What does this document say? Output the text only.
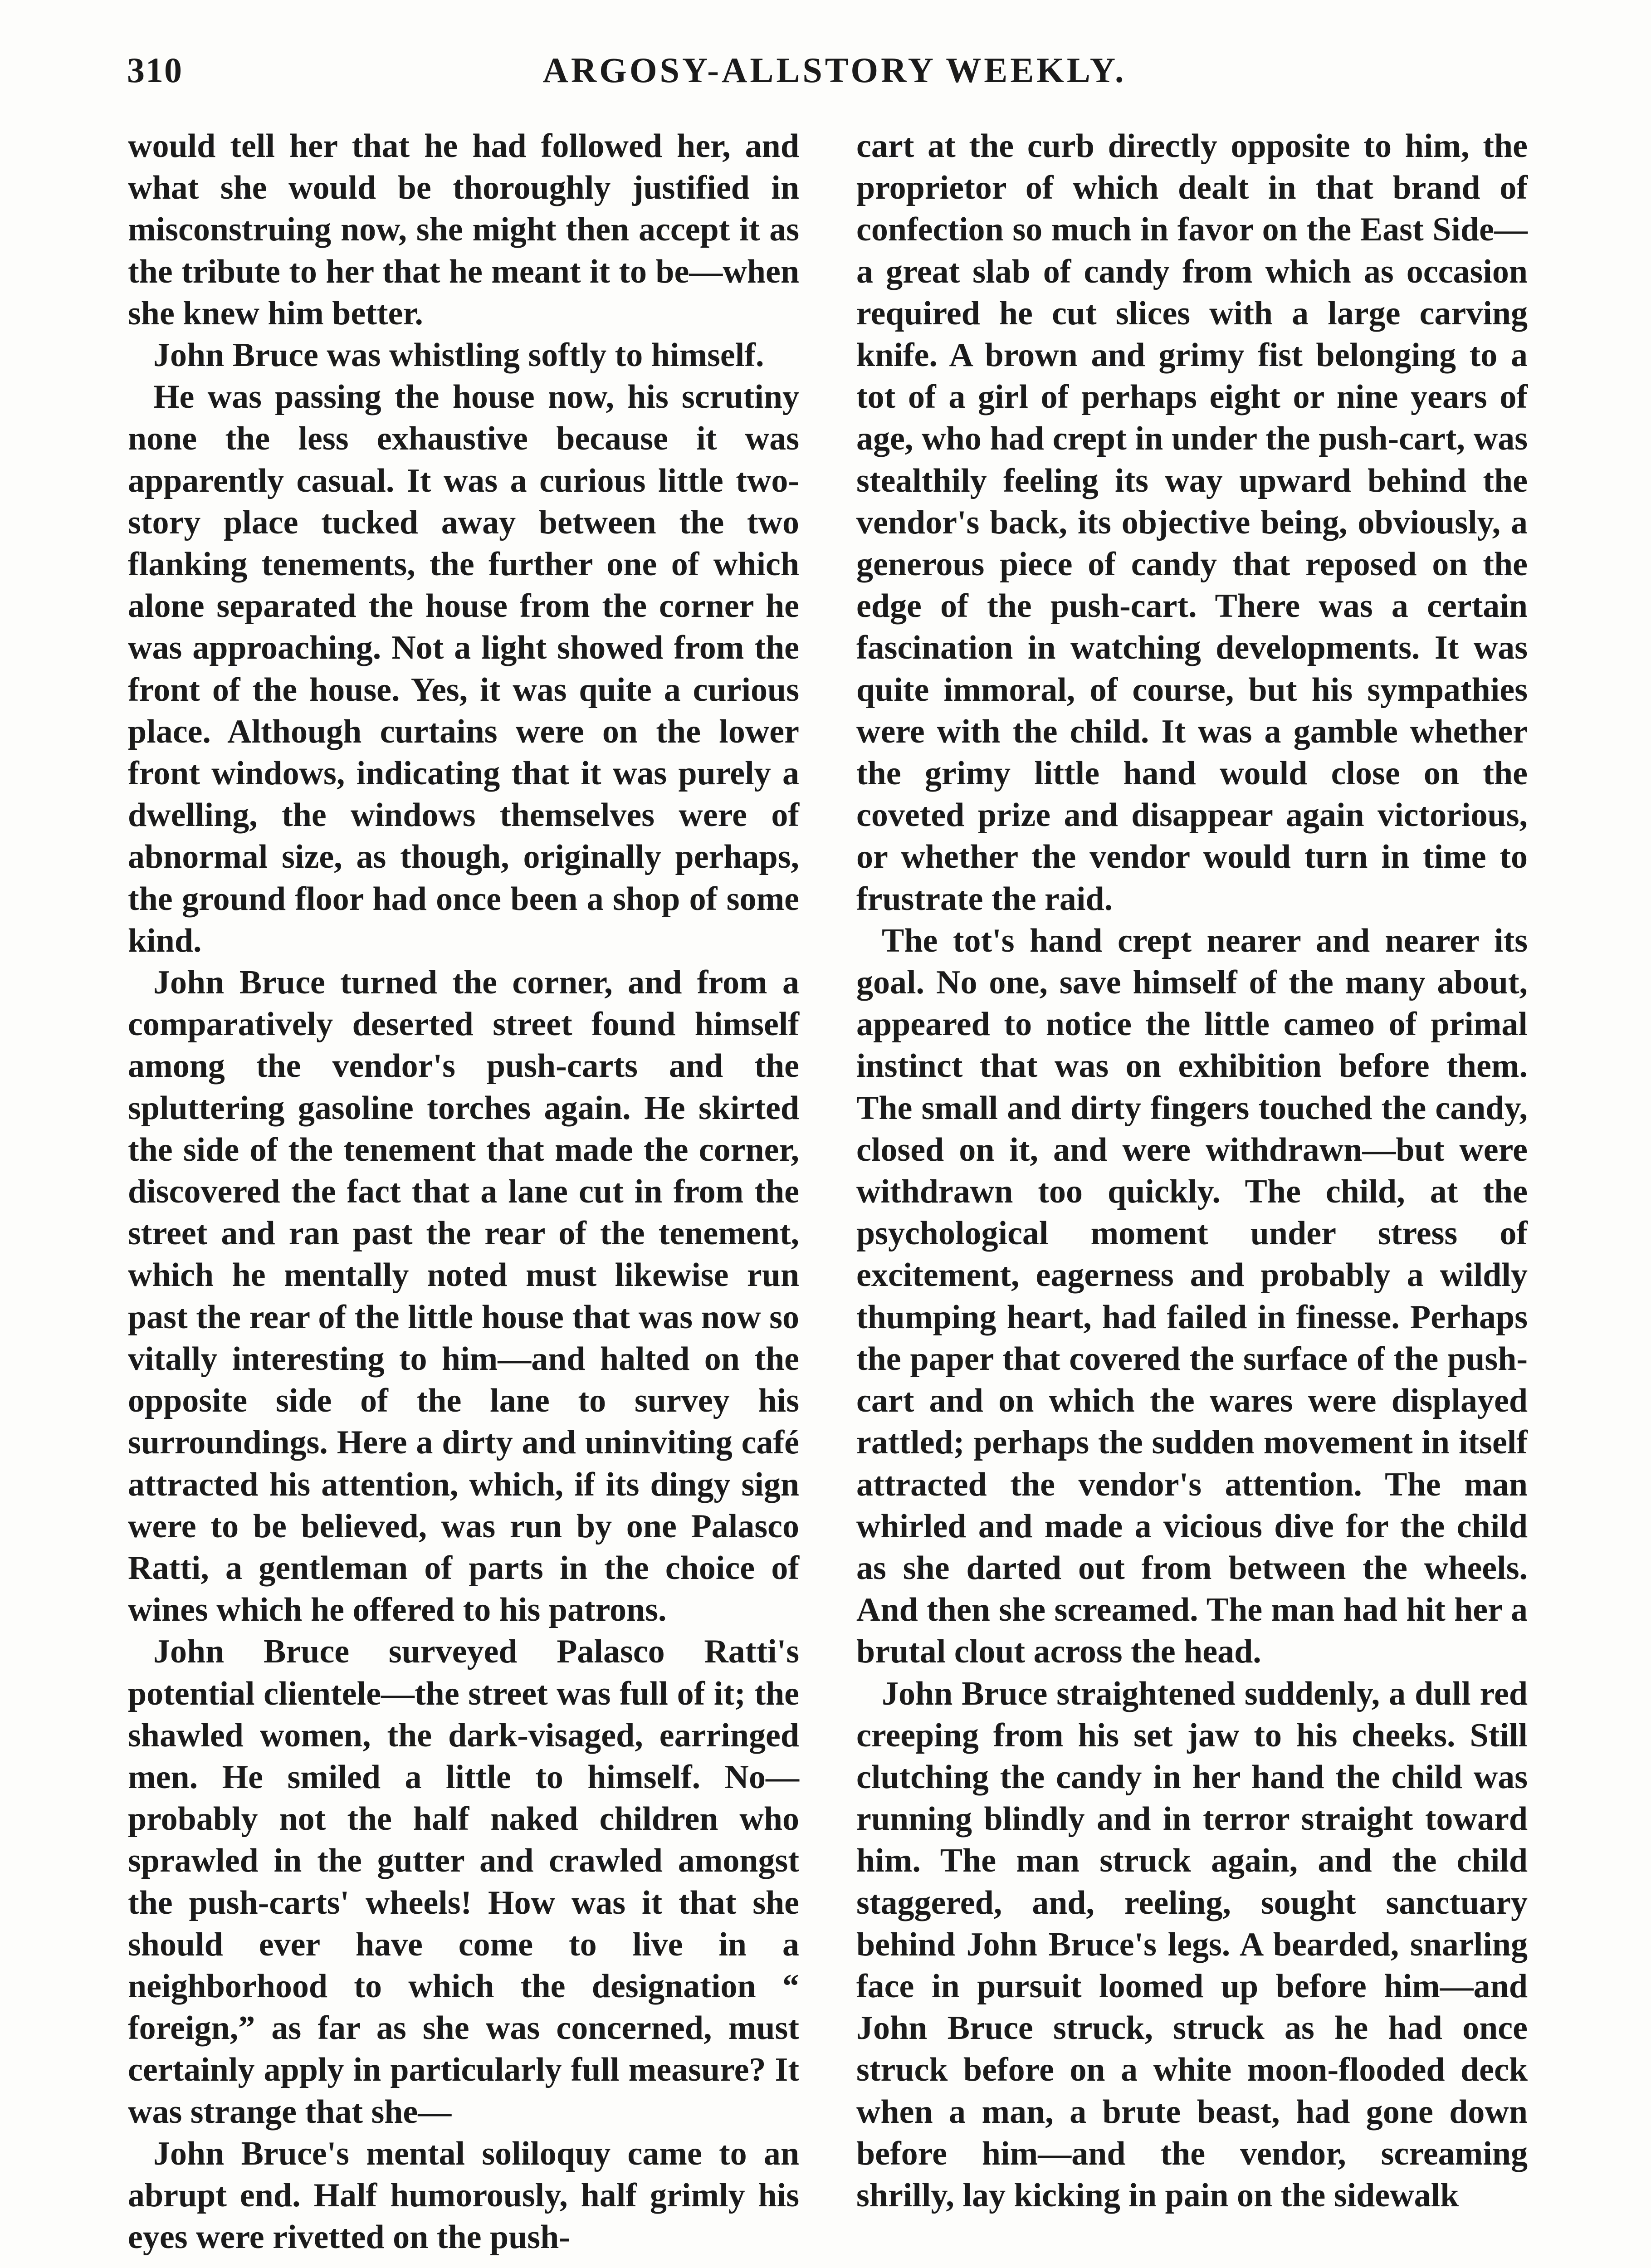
310	ARGOSY-ALLSTORY WEEKLY.

would tell her that he had followed her, and what she would be thoroughly justified in misconstruing now, she might then accept it as the tribute to her that he meant it to be—when she knew him better.

John Bruce was whistling softly to himself.

He was passing the house now, his scrutiny none the less exhaustive because it was apparently casual. It was a curious little two-story place tucked away between the two flanking tenements, the further one of which alone separated the house from the corner he was approaching. Not a light showed from the front of the house. Yes, it was quite a curious place. Although curtains were on the lower front windows, indicating that it was purely a dwelling, the windows themselves were of abnormal size, as though, originally perhaps, the ground floor had once been a shop of some kind.

John Bruce turned the corner, and from a comparatively deserted street found himself among the vendor's push-carts and the spluttering gasoline torches again. He skirted the side of the tenement that made the corner, discovered the fact that a lane cut in from the street and ran past the rear of the tenement, which he mentally noted must likewise run past the rear of the little house that was now so vitally interesting to him—and halted on the opposite side of the lane to survey his surroundings. Here a dirty and uninviting café attracted his attention, which, if its dingy sign were to be believed, was run by one Palasco Ratti, a gentleman of parts in the choice of wines which he offered to his patrons.

John Bruce surveyed Palasco Ratti's potential clientele—the street was full of it; the shawled women, the dark-visaged, earringed men. He smiled a little to himself. No—probably not the half naked children who sprawled in the gutter and crawled amongst the push-carts' wheels! How was it that she should ever have come to live in a neighborhood to which the designation “ foreign,” as far as she was concerned, must certainly apply in particularly full measure? It was strange that she—

John Bruce's mental soliloquy came to an abrupt end. Half humorously, half grimly his eyes were rivetted on the push-

cart at the curb directly opposite to him, the proprietor of which dealt in that brand of confection so much in favor on the East Side—a great slab of candy from which as occasion required he cut slices with a large carving knife. A brown and grimy fist belonging to a tot of a girl of perhaps eight or nine years of age, who had crept in under the push-cart, was stealthily feeling its way upward behind the vendor's back, its objective being, obviously, a generous piece of candy that reposed on the edge of the push-cart. There was a certain fascination in watching developments. It was quite immoral, of course, but his sympathies were with the child. It was a gamble whether the grimy little hand would close on the coveted prize and disappear again victorious, or whether the vendor would turn in time to frustrate the raid.

The tot's hand crept nearer and nearer its goal. No one, save himself of the many about, appeared to notice the little cameo of primal instinct that was on exhibition before them. The small and dirty fingers touched the candy, closed on it, and were withdrawn—but were withdrawn too quickly. The child, at the psychological moment under stress of excitement, eagerness and probably a wildly thumping heart, had failed in finesse. Perhaps the paper that covered the surface of the push-cart and on which the wares were displayed rattled; perhaps the sudden movement in itself attracted the vendor's attention. The man whirled and made a vicious dive for the child as she darted out from between the wheels. And then she screamed. The man had hit her a brutal clout across the head.

John Bruce straightened suddenly, a dull red creeping from his set jaw to his cheeks. Still clutching the candy in her hand the child was running blindly and in terror straight toward him. The man struck again, and the child staggered, and, reeling, sought sanctuary behind John Bruce's legs. A bearded, snarling face in pursuit loomed up before him—and John Bruce struck, struck as he had once struck before on a white moon-flooded deck when a man, a brute beast, had gone down before him—and the vendor, screaming shrilly, lay kicking in pain on the sidewalk
